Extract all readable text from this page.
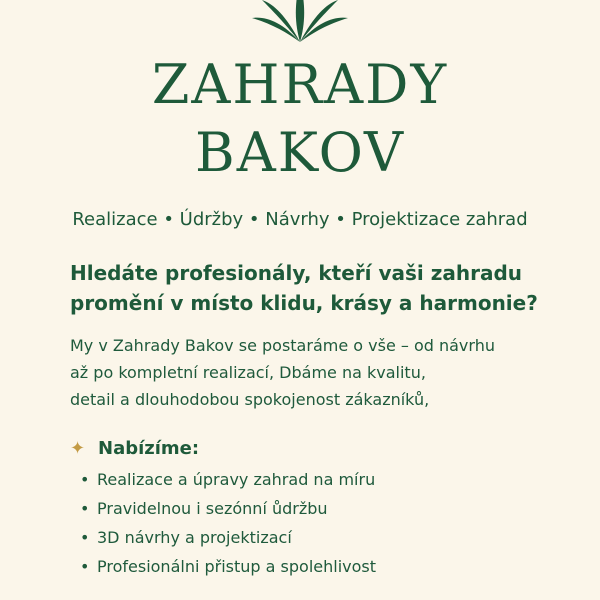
ZAHRADY
BAKOV
Realizace • Údržby • Návrhy • Projektizace zahrad
Hledáte profesionály, kteří vaši zahradu
promění v místo klidu, krásy a harmonie?
My v Zahrady Bakov se postaráme o vše – od návrhu
až po kompletní realizací, Dbáme na kvalitu,
detail a dlouhodobou spokojenost zákazníků,
✦ Nabízíme:
• Realizace a úpravy zahrad na míru
• Pravidelnou i sezónní ůdržbu
• 3D návrhy a projektizací
• Profesionálni přistup a spolehlivost
